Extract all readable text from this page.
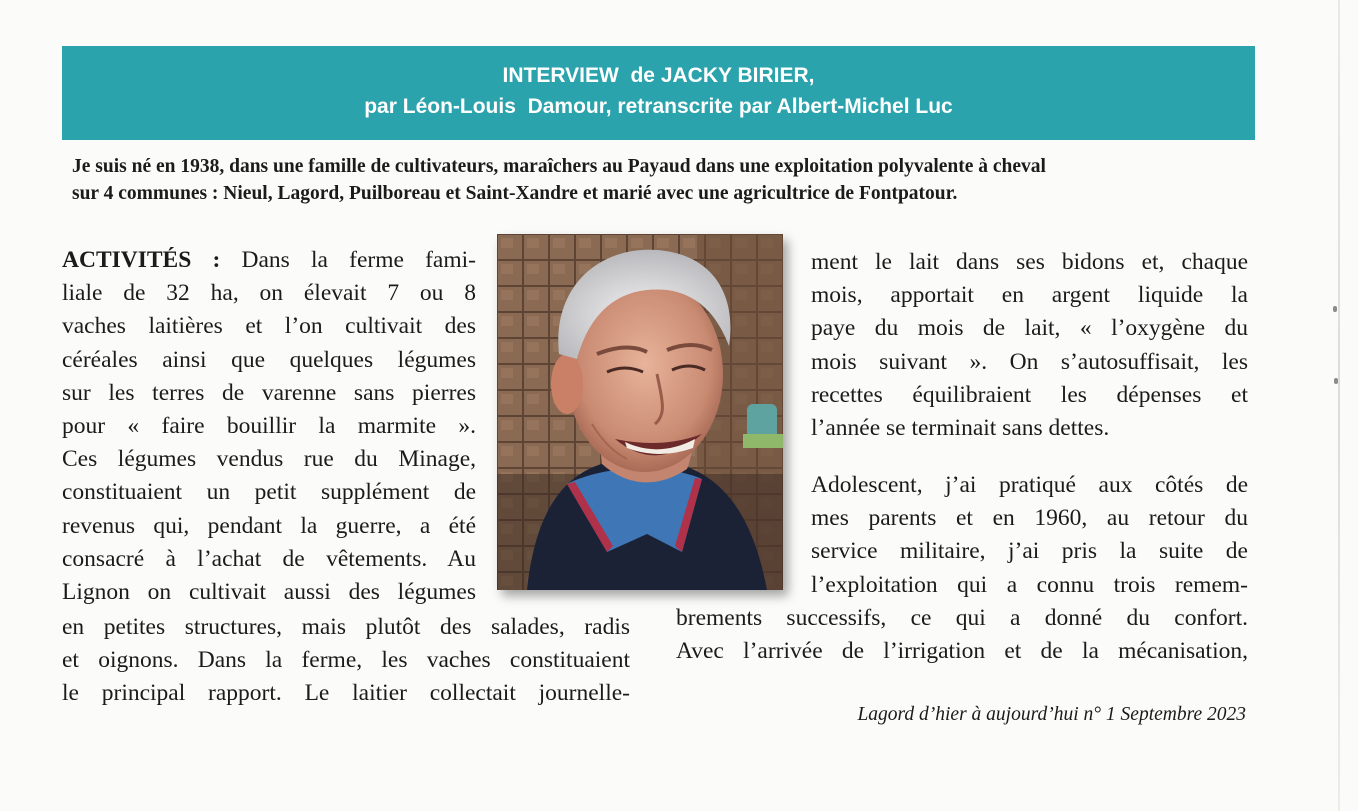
INTERVIEW  de JACKY BIRIER,
par Léon-Louis  Damour, retranscrite par Albert-Michel Luc
Je suis né en 1938, dans une famille de cultivateurs, maraîchers au Payaud dans une exploitation polyvalente à cheval
sur 4 communes : Nieul, Lagord, Puilboreau et Saint-Xandre et marié avec une agricultrice de Fontpatour.
ACTIVITÉS : Dans la ferme fami-
liale de 32 ha, on élevait 7 ou 8
vaches laitières et l’on cultivait des
céréales ainsi que quelques légumes
sur les terres de varenne sans pierres
pour « faire bouillir la marmite ».
Ces légumes vendus rue du Minage,
constituaient un petit supplément de
revenus qui, pendant la guerre, a été
consacré à l’achat de vêtements. Au
Lignon on cultivait aussi des légumes
en petites structures, mais plutôt des salades, radis
et oignons. Dans la ferme, les vaches constituaient
le principal rapport. Le laitier collectait journelle-
ment le lait dans ses bidons et, chaque
mois, apportait en argent liquide la
paye du mois de lait, « l’oxygène du
mois suivant ». On s’autosuffisait, les
recettes équilibraient les dépenses et
l’année se terminait sans dettes.
Adolescent, j’ai pratiqué aux côtés de
mes parents et en 1960, au retour du
service militaire, j’ai pris la suite de
l’exploitation qui a connu trois remem-
brements successifs, ce qui a donné du confort.
Avec l’arrivée de l’irrigation et de la mécanisation,
Lagord d’hier à aujourd’hui n° 1 Septembre 2023
